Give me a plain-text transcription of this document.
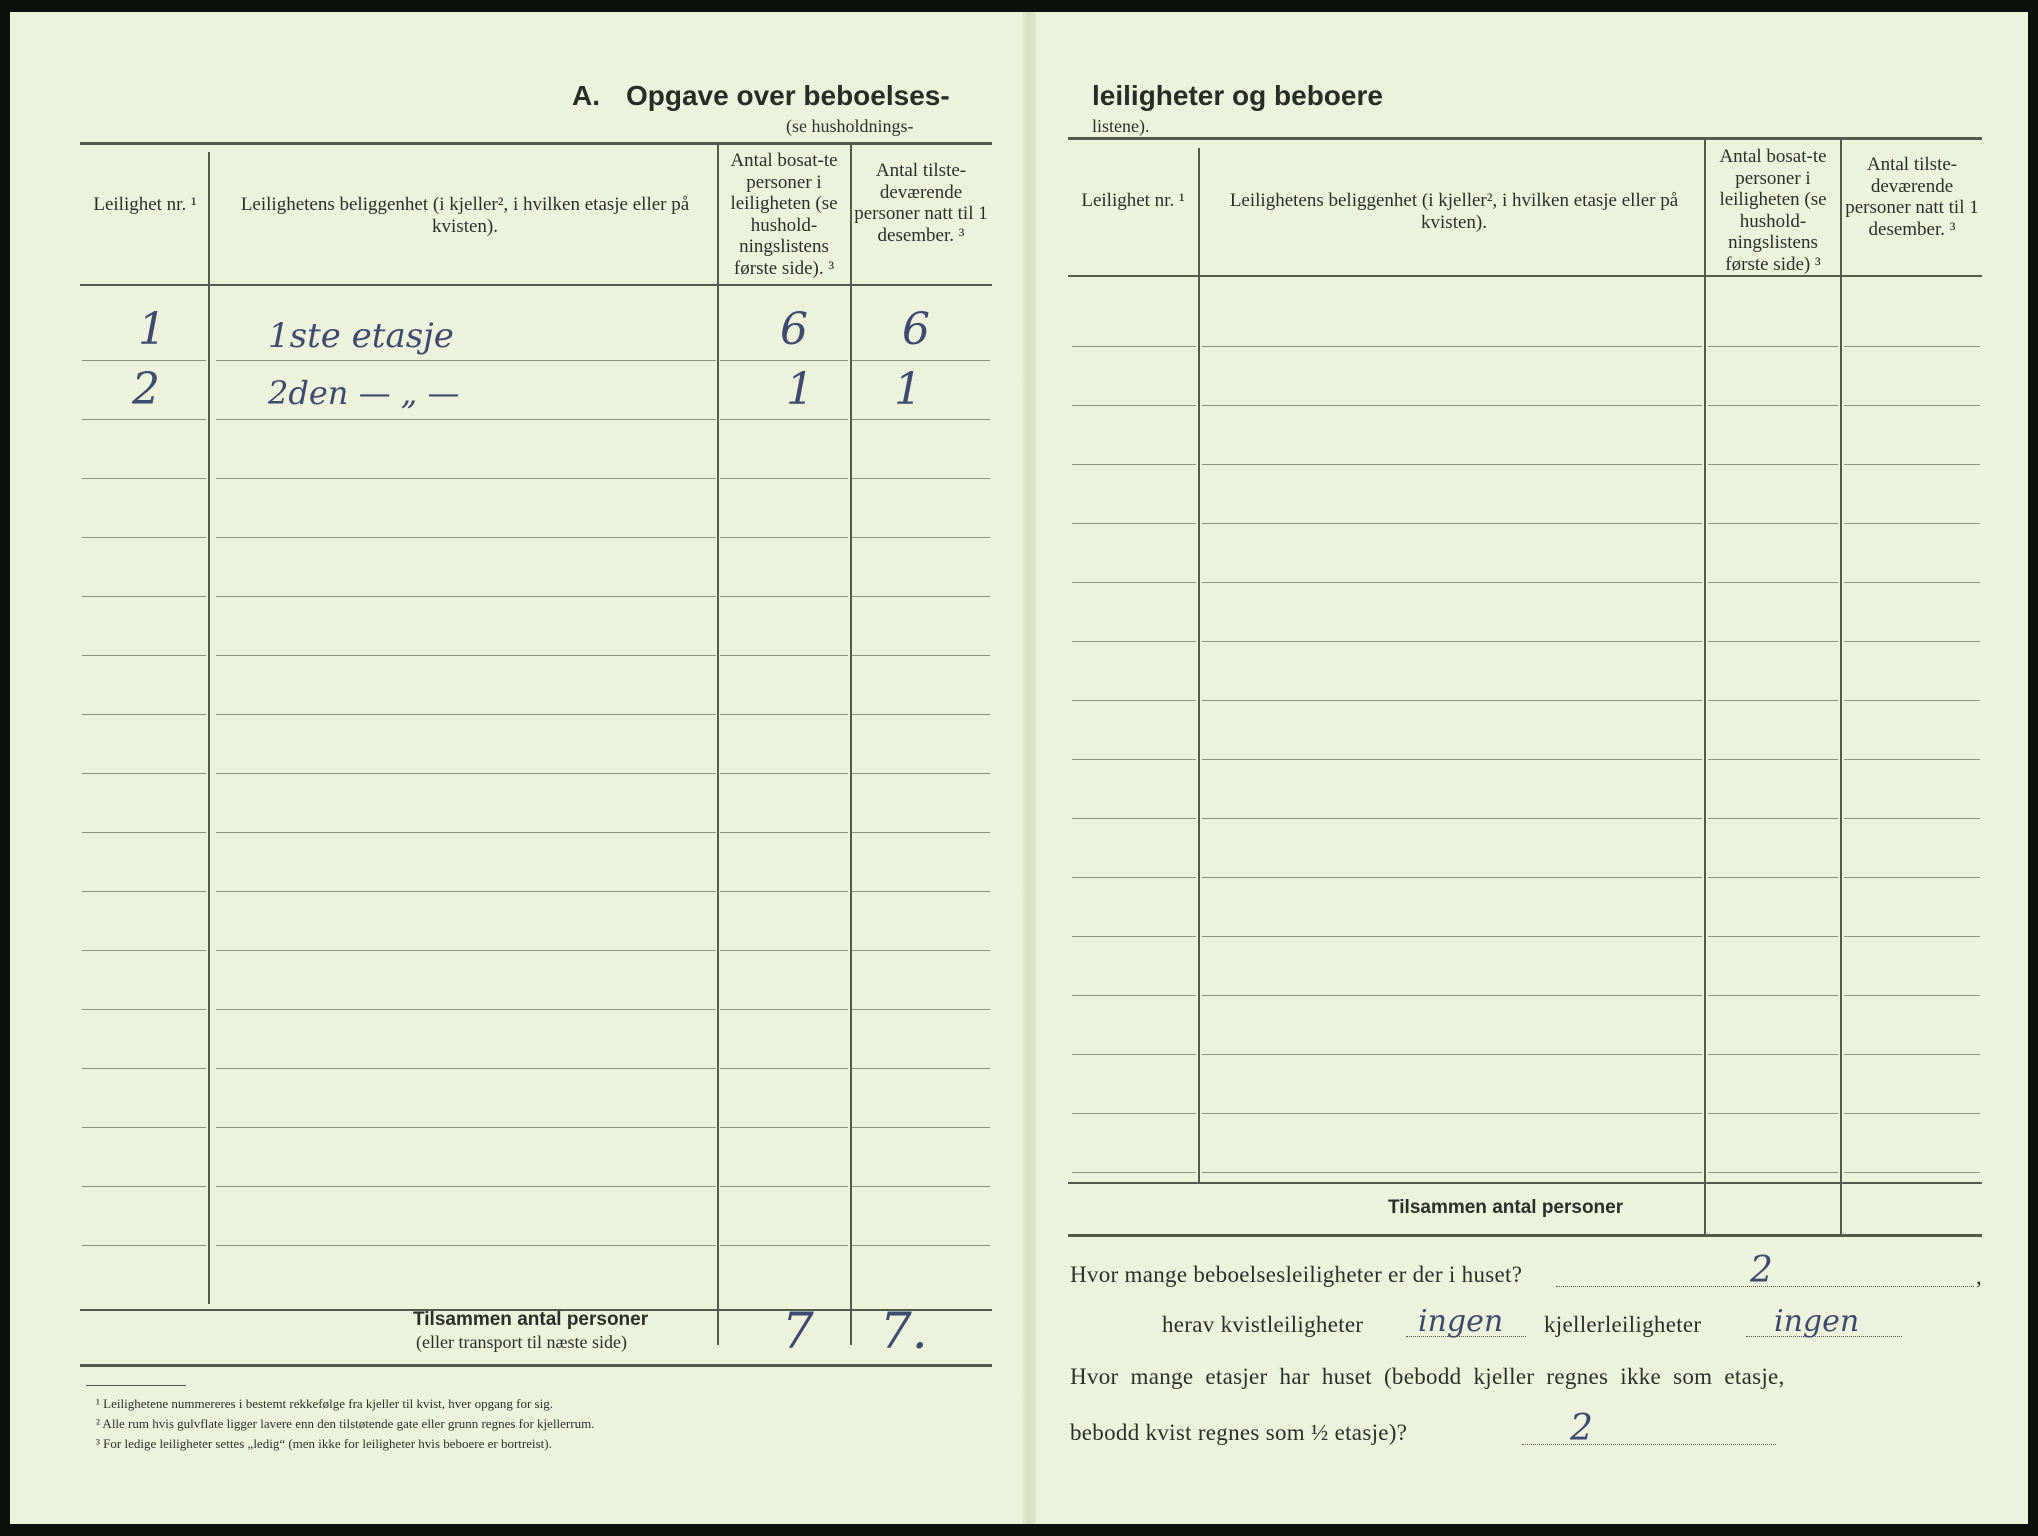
A. Opgave over beboelses-
(se husholdnings-
Leilighet nr. ¹	Leilighetens beliggenhet (i kjeller², i hvilken etasje eller på kvisten).
Antal bosat-te personer i leiligheten (se hushold-ningslistens første side). ³
Antal tilste-deværende personer natt til 1 desember. ³
1	1ste etasje	6 6
2	2den — „ —	1 1
Tilsammen antal personer
(eller transport til næste side)	7 7.
¹ Leilighetene nummereres i bestemt rekkefølge fra kjeller til kvist, hver opgang for sig.
² Alle rum hvis gulvflate ligger lavere enn den tilstøtende gate eller grunn regnes for kjellerrum.
³ For ledige leiligheter settes „ledig“ (men ikke for leiligheter hvis beboere er bortreist).
leiligheter og beboere
listene).
Leilighet nr. ¹	Leilighetens beliggenhet (i kjeller², i hvilken etasje eller på kvisten).
Antal bosat-te personer i leiligheten (se hushold-ningslistens første side) ³
Antal tilste-deværende personer natt til 1 desember. ³
Tilsammen antal personer
Hvor mange beboelsesleiligheter er der i huset?	,
2
herav kvistleiligheter ingen kjellerleiligheter ingen
Hvor mange etasjer har huset (bebodd kjeller regnes ikke som etasje,
bebodd kvist regnes som ½ etasje)?	2
